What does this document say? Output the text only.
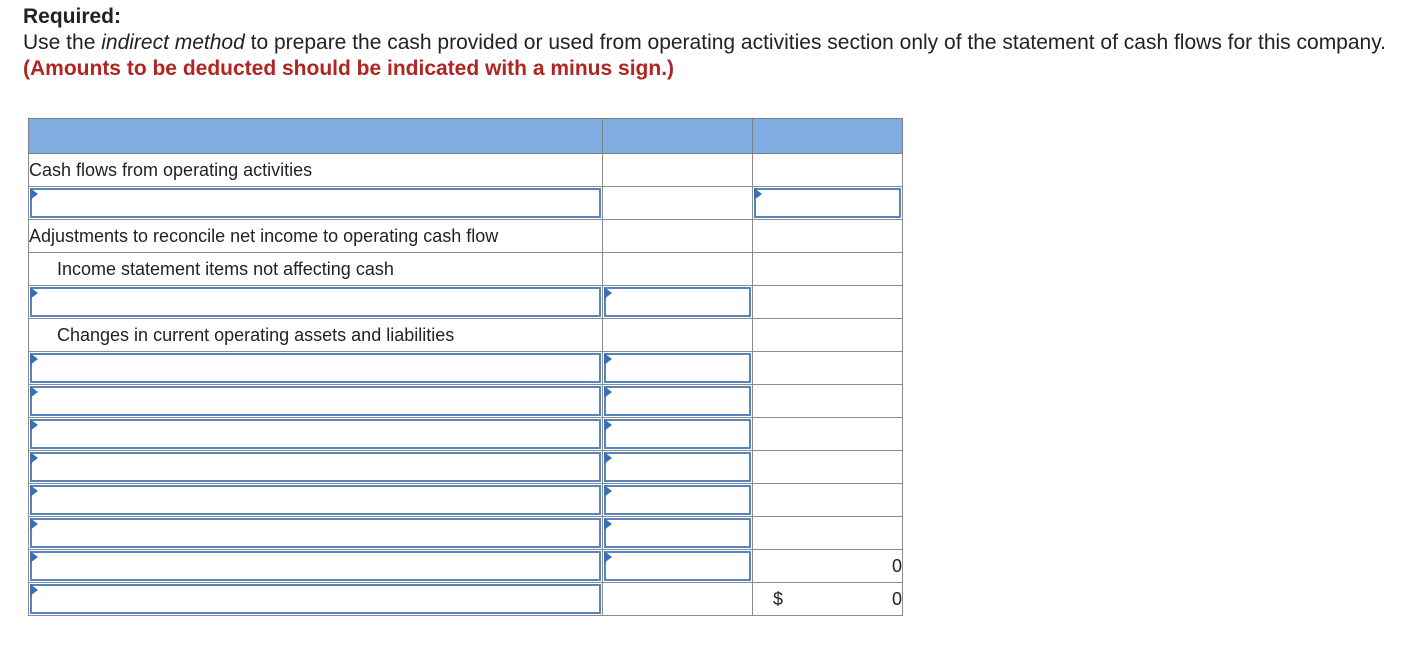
Required:
Use the indirect method to prepare the cash provided or used from operating activities section only of the statement of cash flows for this company. (Amounts to be deducted should be indicated with a minus sign.)

Cash flows from operating activities		

Adjustments to reconcile net income to operating cash flow		
Income statement items not affecting cash		

Changes in current operating assets and liabilities		

	0

		$ 0
